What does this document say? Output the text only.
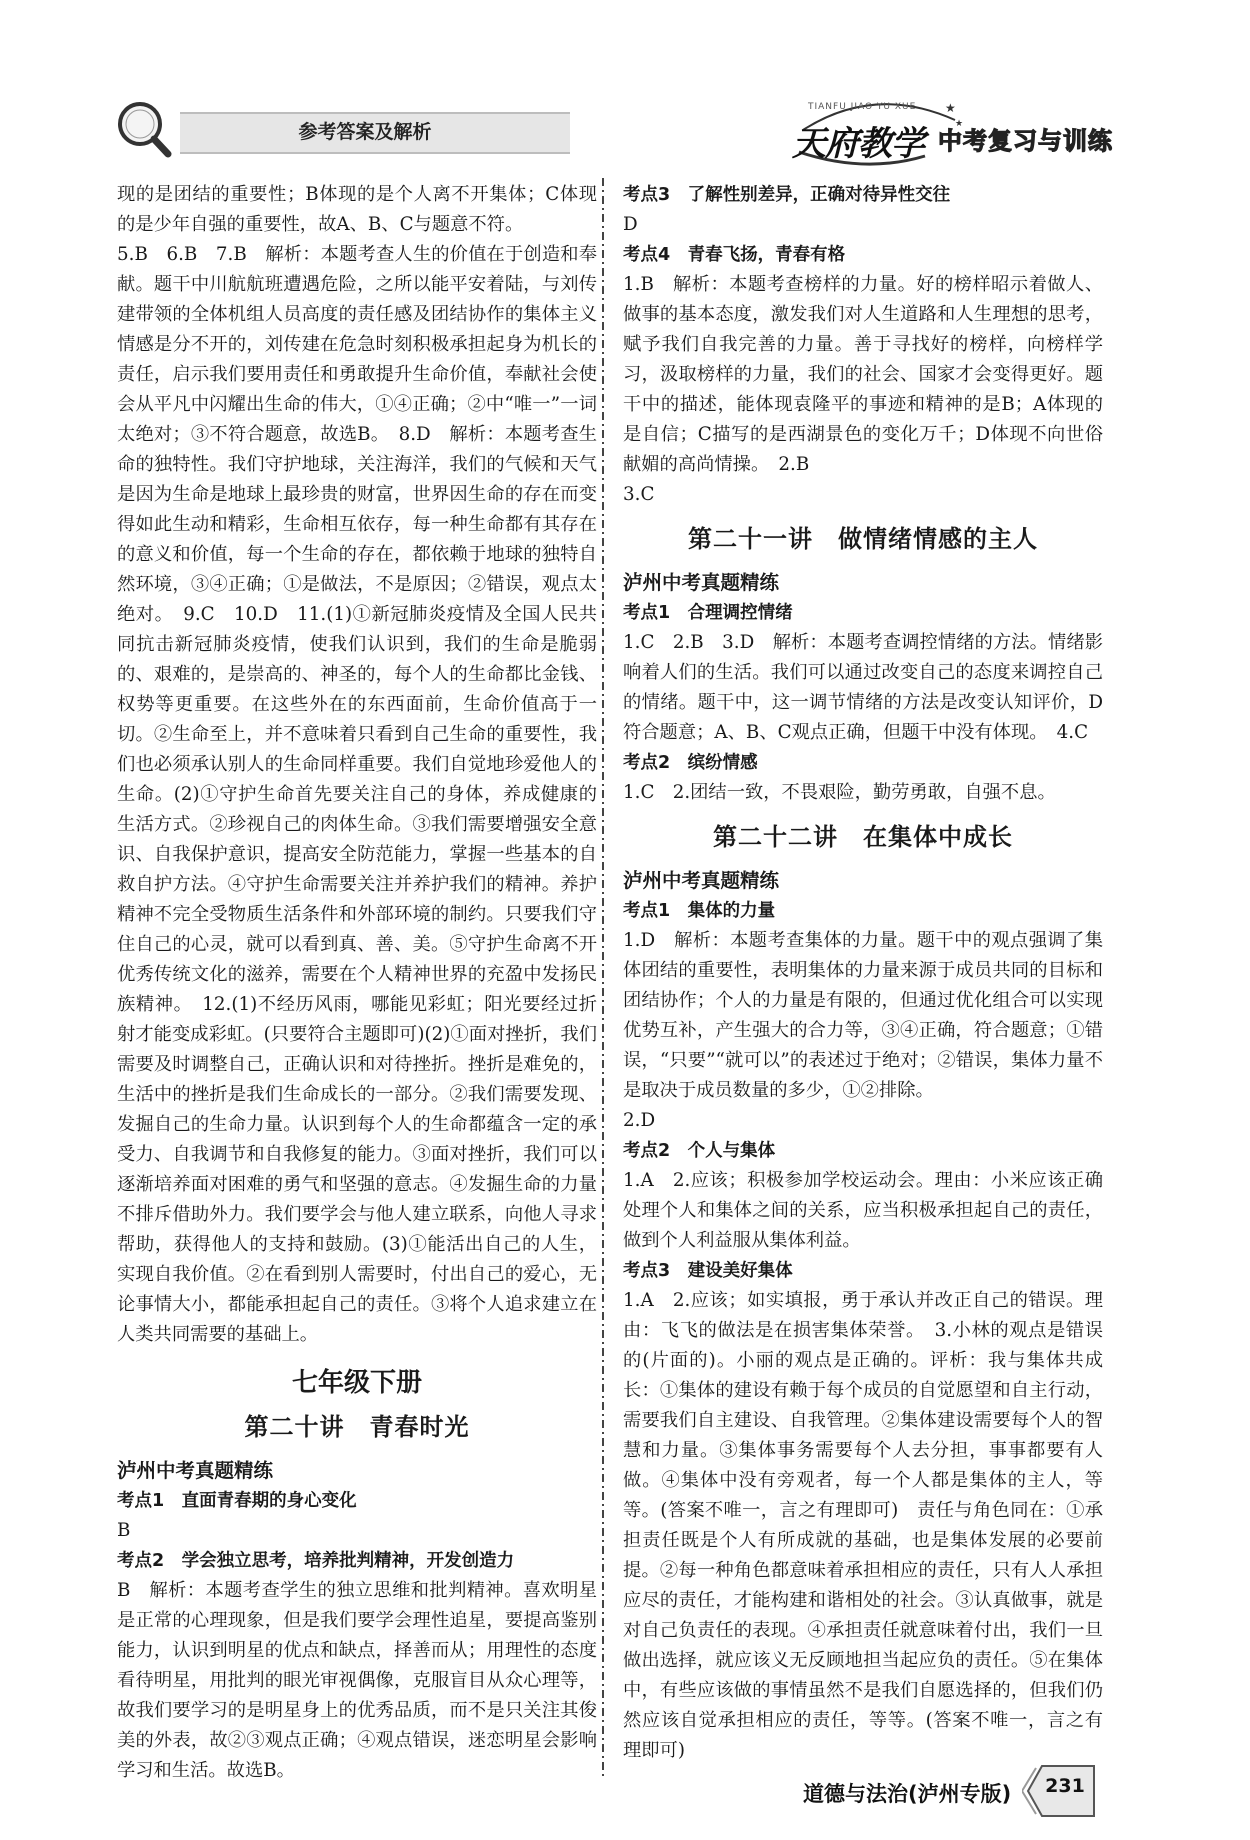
参考答案及解析
★
★
TIANFU JIAO YU XUE
天府教学 中考复习与训练

现的是团结的重要性；B体现的是个人离不开集体；C体现的是少年自强的重要性，故A、B、C与题意不符。

5.B　6.B　7.B　解析：本题考查人生的价值在于创造和奉献。题干中川航航班遭遇危险，之所以能平安着陆，与刘传建带领的全体机组人员高度的责任感及团结协作的集体主义情感是分不开的，刘传建在危急时刻积极承担起身为机长的责任，启示我们要用责任和勇敢提升生命价值，奉献社会使会从平凡中闪耀出生命的伟大，①④正确；②中“唯一”一词太绝对；③不符合题意，故选B。　8.D　解析：本题考查生命的独特性。我们守护地球，关注海洋，我们的气候和天气是因为生命是地球上最珍贵的财富，世界因生命的存在而变得如此生动和精彩，生命相互依存，每一种生命都有其存在的意义和价值，每一个生命的存在，都依赖于地球的独特自然环境，③④正确；①是做法，不是原因；②错误，观点太绝对。　9.C　10.D　11.(1)①新冠肺炎疫情及全国人民共同抗击新冠肺炎疫情，使我们认识到，我们的生命是脆弱的、艰难的，是崇高的、神圣的，每个人的生命都比金钱、权势等更重要。在这些外在的东西面前，生命价值高于一切。②生命至上，并不意味着只看到自己生命的重要性，我们也必须承认别人的生命同样重要。我们自觉地珍爱他人的生命。(2)①守护生命首先要关注自己的身体，养成健康的生活方式。②珍视自己的肉体生命。③我们需要增强安全意识、自我保护意识，提高安全防范能力，掌握一些基本的自救自护方法。④守护生命需要关注并养护我们的精神。养护精神不完全受物质生活条件和外部环境的制约。只要我们守住自己的心灵，就可以看到真、善、美。⑤守护生命离不开优秀传统文化的滋养，需要在个人精神世界的充盈中发扬民族精神。　12.(1)不经历风雨，哪能见彩虹；阳光要经过折射才能变成彩虹。(只要符合主题即可)(2)①面对挫折，我们需要及时调整自己，正确认识和对待挫折。挫折是难免的，生活中的挫折是我们生命成长的一部分。②我们需要发现、发掘自己的生命力量。认识到每个人的生命都蕴含一定的承受力、自我调节和自我修复的能力。③面对挫折，我们可以逐渐培养面对困难的勇气和坚强的意志。④发掘生命的力量不排斥借助外力。我们要学会与他人建立联系，向他人寻求帮助，获得他人的支持和鼓励。(3)①能活出自己的人生，实现自我价值。②在看到别人需要时，付出自己的爱心，无论事情大小，都能承担起自己的责任。③将个人追求建立在人类共同需要的基础上。

七年级下册

第二十讲　青春时光

泸州中考真题精练

考点1　直面青春期的身心变化

B

考点2　学会独立思考，培养批判精神，开发创造力

B　解析：本题考查学生的独立思维和批判精神。喜欢明星是正常的心理现象，但是我们要学会理性追星，要提高鉴别能力，认识到明星的优点和缺点，择善而从；用理性的态度看待明星，用批判的眼光审视偶像，克服盲目从众心理等，故我们要学习的是明星身上的优秀品质，而不是只关注其俊美的外表，故②③观点正确；④观点错误，迷恋明星会影响学习和生活。故选B。

考点3　了解性别差异，正确对待异性交往

D

考点4　青春飞扬，青春有格

1.B　解析：本题考查榜样的力量。好的榜样昭示着做人、做事的基本态度，激发我们对人生道路和人生理想的思考，赋予我们自我完善的力量。善于寻找好的榜样，向榜样学习，汲取榜样的力量，我们的社会、国家才会变得更好。题干中的描述，能体现袁隆平的事迹和精神的是B；A体现的是自信；C描写的是西湖景色的变化万千；D体现不向世俗献媚的高尚情操。　2.B

3.C

第二十一讲　做情绪情感的主人

泸州中考真题精练

考点1　合理调控情绪

1.C　2.B　3.D　解析：本题考查调控情绪的方法。情绪影响着人们的生活。我们可以通过改变自己的态度来调控自己的情绪。题干中，这一调节情绪的方法是改变认知评价，D符合题意；A、B、C观点正确，但题干中没有体现。　4.C

考点2　缤纷情感

1.C　2.团结一致，不畏艰险，勤劳勇敢，自强不息。

第二十二讲　在集体中成长

泸州中考真题精练

考点1　集体的力量

1.D　解析：本题考查集体的力量。题干中的观点强调了集体团结的重要性，表明集体的力量来源于成员共同的目标和团结协作；个人的力量是有限的，但通过优化组合可以实现优势互补，产生强大的合力等，③④正确，符合题意；①错误，“只要”“就可以”的表述过于绝对；②错误，集体力量不是取决于成员数量的多少，①②排除。

2.D

考点2　个人与集体

1.A　2.应该；积极参加学校运动会。理由：小米应该正确处理个人和集体之间的关系，应当积极承担起自己的责任，做到个人利益服从集体利益。

考点3　建设美好集体

1.A　2.应该；如实填报，勇于承认并改正自己的错误。理由：飞飞的做法是在损害集体荣誉。　3.小林的观点是错误的(片面的)。小丽的观点是正确的。评析：我与集体共成长：①集体的建设有赖于每个成员的自觉愿望和自主行动，需要我们自主建设、自我管理。②集体建设需要每个人的智慧和力量。③集体事务需要每个人去分担，事事都要有人做。④集体中没有旁观者，每一个人都是集体的主人，等等。(答案不唯一，言之有理即可)　责任与角色同在：①承担责任既是个人有所成就的基础，也是集体发展的必要前提。②每一种角色都意味着承担相应的责任，只有人人承担应尽的责任，才能构建和谐相处的社会。③认真做事，就是对自己负责任的表现。④承担责任就意味着付出，我们一旦做出选择，就应该义无反顾地担当起应负的责任。⑤在集体中，有些应该做的事情虽然不是我们自愿选择的，但我们仍然应该自觉承担相应的责任，等等。(答案不唯一，言之有理即可)

道德与法治(泸州专版) 231
